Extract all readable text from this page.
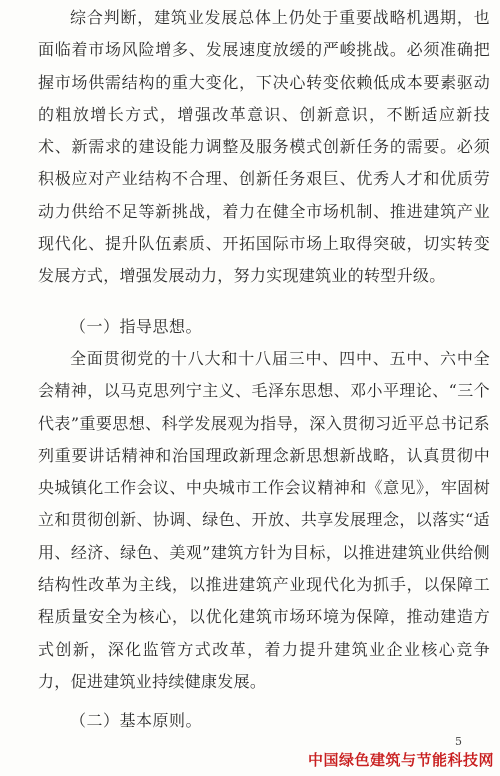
综合判断，建筑业发展总体上仍处于重要战略机遇期，也面临着市场风险增多、发展速度放缓的严峻挑战。必须准确把握市场供需结构的重大变化，下决心转变依赖低成本要素驱动的粗放增长方式，增强改革意识、创新意识，不断适应新技术、新需求的建设能力调整及服务模式创新任务的需要。必须积极应对产业结构不合理、创新任务艰巨、优秀人才和优质劳动力供给不足等新挑战，着力在健全市场机制、推进建筑产业现代化、提升队伍素质、开拓国际市场上取得突破，切实转变发展方式，增强发展动力，努力实现建筑业的转型升级。

（一）指导思想。

全面贯彻党的十八大和十八届三中、四中、五中、六中全会精神，以马克思列宁主义、毛泽东思想、邓小平理论、“三个代表”重要思想、科学发展观为指导，深入贯彻习近平总书记系列重要讲话精神和治国理政新理念新思想新战略，认真贯彻中央城镇化工作会议、中央城市工作会议精神和《意见》，牢固树立和贯彻创新、协调、绿色、开放、共享发展理念，以落实“适用、经济、绿色、美观”建筑方针为目标，以推进建筑业供给侧结构性改革为主线，以推进建筑产业现代化为抓手，以保障工程质量安全为核心，以优化建筑市场环境为保障，推动建造方式创新，深化监管方式改革，着力提升建筑业企业核心竞争力，促进建筑业持续健康发展。

（二）基本原则。

5
中国绿色建筑与节能科技网
